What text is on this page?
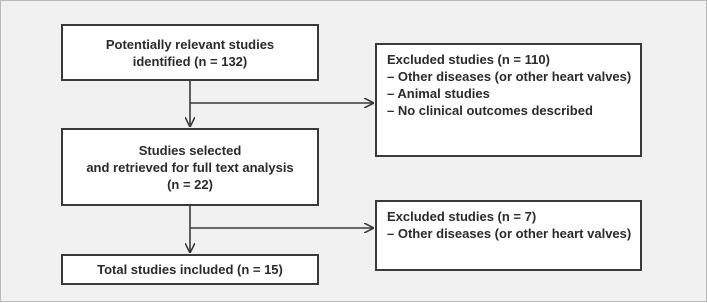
Potentially relevant studies
identified (n = 132)
Studies selected
and retrieved for full text analysis
(n = 22)
Total studies included (n = 15)
Excluded studies (n = 110)
– Other diseases (or other heart valves)
– Animal studies
– No clinical outcomes described
Excluded studies (n = 7)
– Other diseases (or other heart valves)
